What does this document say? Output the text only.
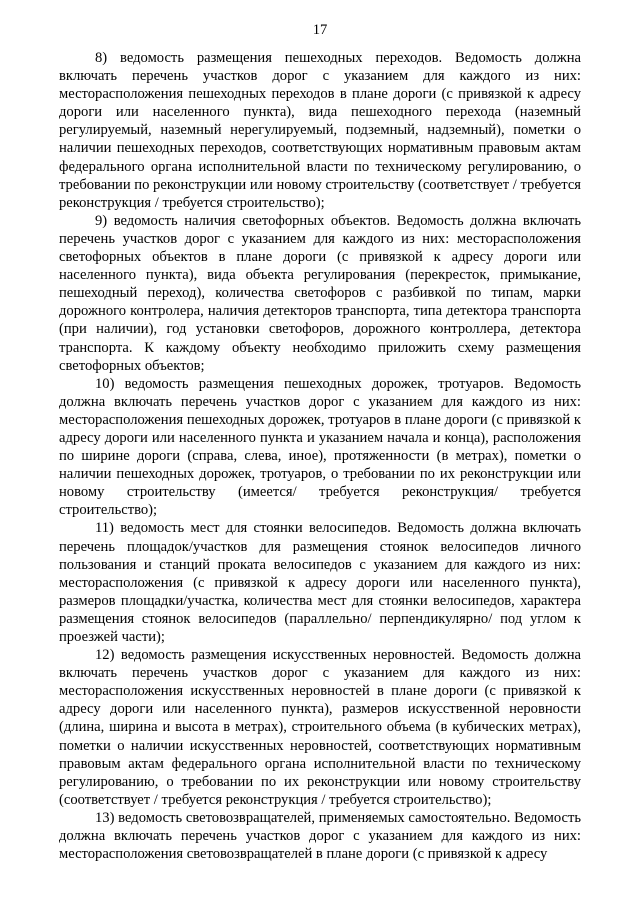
17

8) ведомость размещения пешеходных переходов. Ведомость должна включать перечень участков дорог с указанием для каждого из них: месторасположения пешеходных переходов в плане дороги (с привязкой к адресу дороги или населенного пункта), вида пешеходного перехода (наземный регулируемый, наземный нерегулируемый, подземный, надземный), пометки о наличии пешеходных переходов, соответствующих нормативным правовым актам федерального органа исполнительной власти по техническому регулированию, о требовании по реконструкции или новому строительству (соответствует / требуется реконструкция / требуется строительство);

9) ведомость наличия светофорных объектов. Ведомость должна включать перечень участков дорог с указанием для каждого из них: месторасположения светофорных объектов в плане дороги (с привязкой к адресу дороги или населенного пункта), вида объекта регулирования (перекресток, примыкание, пешеходный переход), количества светофоров с разбивкой по типам, марки дорожного контролера, наличия детекторов транспорта, типа детектора транспорта (при наличии), год установки светофоров, дорожного контроллера, детектора транспорта. К каждому объекту необходимо приложить схему размещения светофорных объектов;

10) ведомость размещения пешеходных дорожек, тротуаров. Ведомость должна включать перечень участков дорог с указанием для каждого из них: месторасположения пешеходных дорожек, тротуаров в плане дороги (с привязкой к адресу дороги или населенного пункта и указанием начала и конца), расположения по ширине дороги (справа, слева, иное), протяженности (в метрах), пометки о наличии пешеходных дорожек, тротуаров, о требовании по их реконструкции или новому строительству (имеется/ требуется реконструкция/ требуется строительство);

11) ведомость мест для стоянки велосипедов. Ведомость должна включать перечень площадок/участков для размещения стоянок велосипедов личного пользования и станций проката велосипедов с указанием для каждого из них: месторасположения (с привязкой к адресу дороги или населенного пункта), размеров площадки/участка, количества мест для стоянки велосипедов, характера размещения стоянок велосипедов (параллельно/ перпендикулярно/ под углом к проезжей части);

12) ведомость размещения искусственных неровностей. Ведомость должна включать перечень участков дорог с указанием для каждого из них: месторасположения искусственных неровностей в плане дороги (с привязкой к адресу дороги или населенного пункта), размеров искусственной неровности (длина, ширина и высота в метрах), строительного объема (в кубических метрах), пометки о наличии искусственных неровностей, соответствующих нормативным правовым актам федерального органа исполнительной власти по техническому регулированию, о требовании по их реконструкции или новому строительству (соответствует / требуется реконструкция / требуется строительство);

13) ведомость световозвращателей, применяемых самостоятельно. Ведомость должна включать перечень участков дорог с указанием для каждого из них: месторасположения световозвращателей в плане дороги (с привязкой к адресу
